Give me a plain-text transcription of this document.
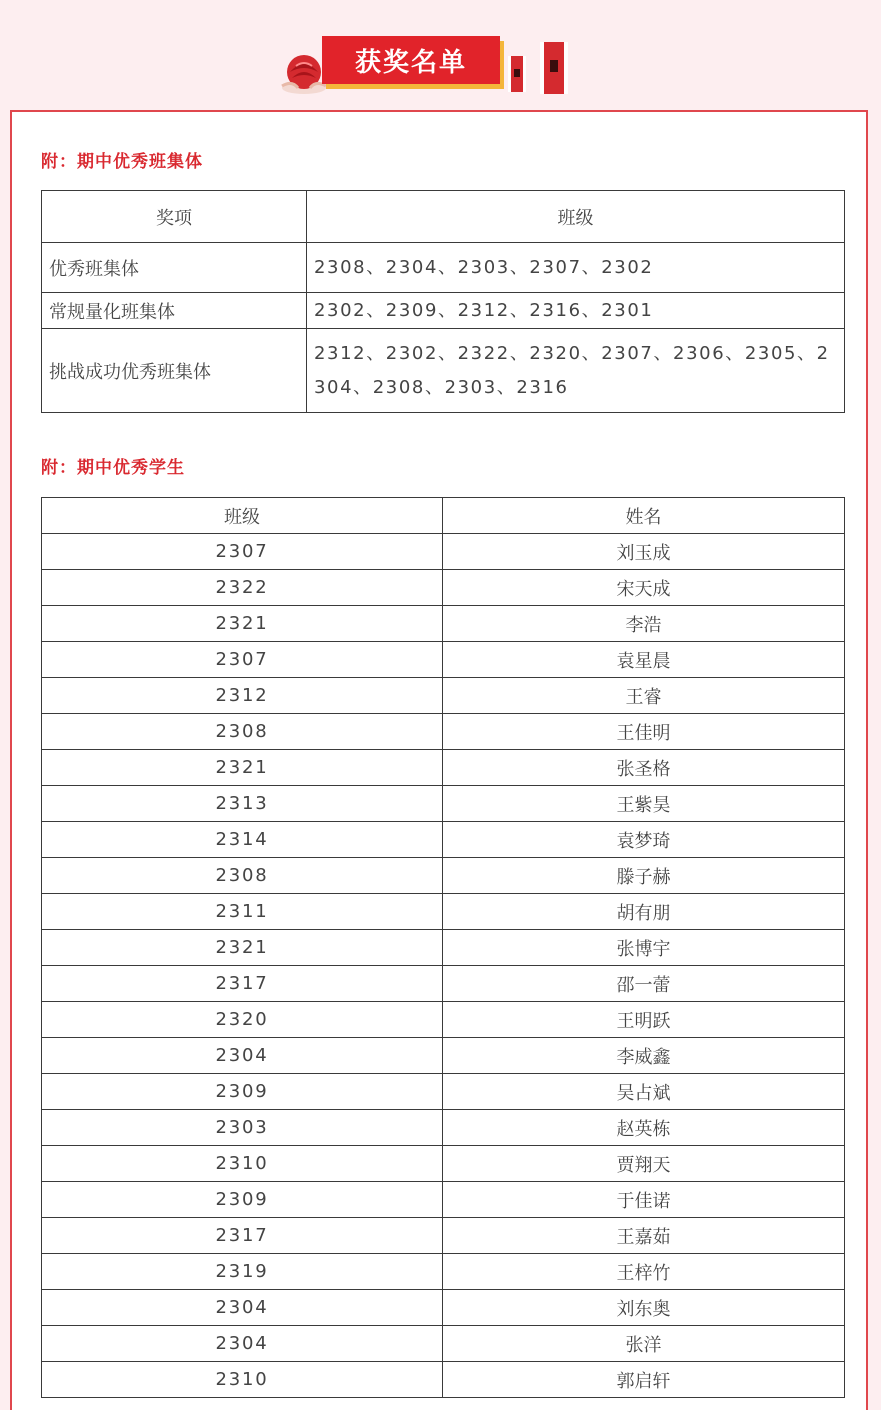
获奖名单
附：期中优秀班集体
奖项	班级
优秀班集体	2308、2304、2303、2307、2302
常规量化班集体	2302、2309、2312、2316、2301
挑战成功优秀班集体	2312、2302、2322、2320、2307、2306、2305、2304、2308、2303、2316
附：期中优秀学生
班级	姓名
2307	刘玉成
2322	宋天成
2321	李浩
2307	袁星晨
2312	王睿
2308	王佳明
2321	张圣格
2313	王紫昊
2314	袁梦琦
2308	滕子赫
2311	胡有朋
2321	张博宇
2317	邵一蕾
2320	王明跃
2304	李威鑫
2309	吴占斌
2303	赵英栋
2310	贾翔天
2309	于佳诺
2317	王嘉茹
2319	王梓竹
2304	刘东奥
2304	张洋
2310	郭启轩
